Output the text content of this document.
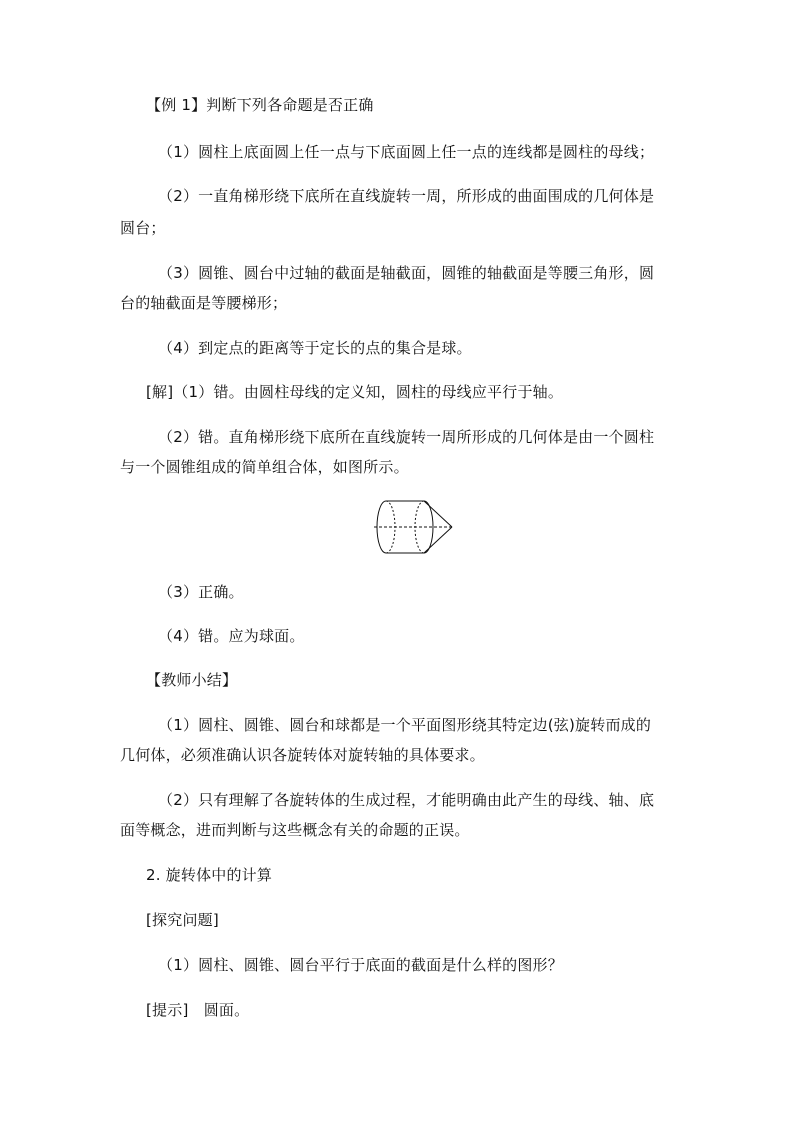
【例 1】判断下列各命题是否正确
（1）圆柱上底面圆上任一点与下底面圆上任一点的连线都是圆柱的母线；
（2）一直角梯形绕下底所在直线旋转一周，所形成的曲面围成的几何体是
圆台；
（3）圆锥、圆台中过轴的截面是轴截面，圆锥的轴截面是等腰三角形，圆
台的轴截面是等腰梯形；
（4）到定点的距离等于定长的点的集合是球。
[解]（1）错。由圆柱母线的定义知，圆柱的母线应平行于轴。
（2）错。直角梯形绕下底所在直线旋转一周所形成的几何体是由一个圆柱
与一个圆锥组成的简单组合体，如图所示。
（3）正确。
（4）错。应为球面。
【教师小结】
（1）圆柱、圆锥、圆台和球都是一个平面图形绕其特定边(弦)旋转而成的
几何体，必须准确认识各旋转体对旋转轴的具体要求。
（2）只有理解了各旋转体的生成过程，才能明确由此产生的母线、轴、底
面等概念，进而判断与这些概念有关的命题的正误。
2. 旋转体中的计算
[探究问题]
（1）圆柱、圆锥、圆台平行于底面的截面是什么样的图形？
[提示]　圆面。
